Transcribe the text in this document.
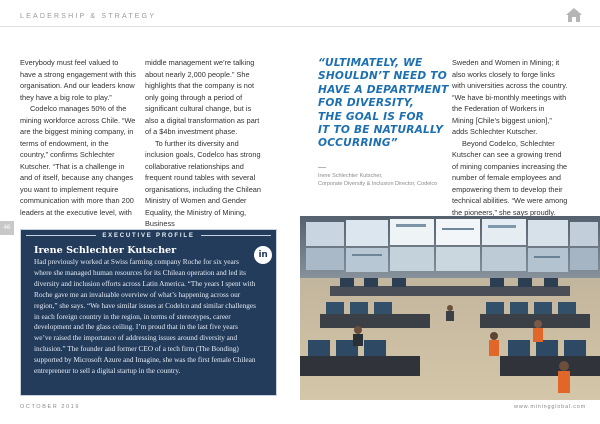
LEADERSHIP & STRATEGY

Everybody must feel valued to have a strong engagement with this organisation. And our leaders know they have a big role to play.”

Codelco manages 50% of the mining workforce across Chile. “We are the biggest mining company, in terms of endowment, in the country,” confirms Schlechter Kutscher. “That is a challenge in and of itself, because any changes you want to implement require communication with more than 200 leaders at the executive level, with

middle management we’re talking about nearly 2,000 people.” She highlights that the company is not only going through a period of significant cultural change, but is also a digital transformation as part of a $4bn investment phase.

To further its diversity and inclusion goals, Codelco has strong collaborative relationships and frequent round tables with several organisations, including the Chilean Ministry of Women and Gender Equality, the Ministry of Mining, Business

“ULTIMATELY, WE
SHOULDN’T NEED TO
HAVE A DEPARTMENT
FOR DIVERSITY,
THE GOAL IS FOR
IT TO BE NATURALLY
OCCURRING”
Irene Schlechter Kutscher,
Corporate Diversity & Inclusion Director, Codelco

Sweden and Women in Mining; it also works closely to forge links with universities across the country. “We have bi-monthly meetings with the Federation of Workers in Mining [Chile’s biggest union],” adds Schlechter Kutscher.

Beyond Codelco, Schlechter Kutscher can see a growing trend of mining companies increasing the number of female employees and empowering them to develop their technical abilities. “We were among the pioneers,” she says proudly.

46
EXECUTIVE PROFILE
Irene Schlechter Kutscher	in
Had previously worked at Swiss farming company Roche for six years where she managed human resources for its Chilean operation and led its diversity and inclusion efforts across Latin America. “The years I spent with Roche gave me an invaluable overview of what’s happening across our region,” she says. “We have similar issues at Codelco and similar challenges in each foreign country in the region, in terms of stereotypes, career development and the glass ceiling. I’m proud that in the last five years we’ve raised the importance of addressing issues around diversity and inclusion.” The founder and former CEO of a tech firm (The Bonding) supported by Microsoft Azure and Imagine, she was the first female Chilean entrepreneur to sell a digital startup in the country.
OCTOBER 2019	www.miningglobal.com
